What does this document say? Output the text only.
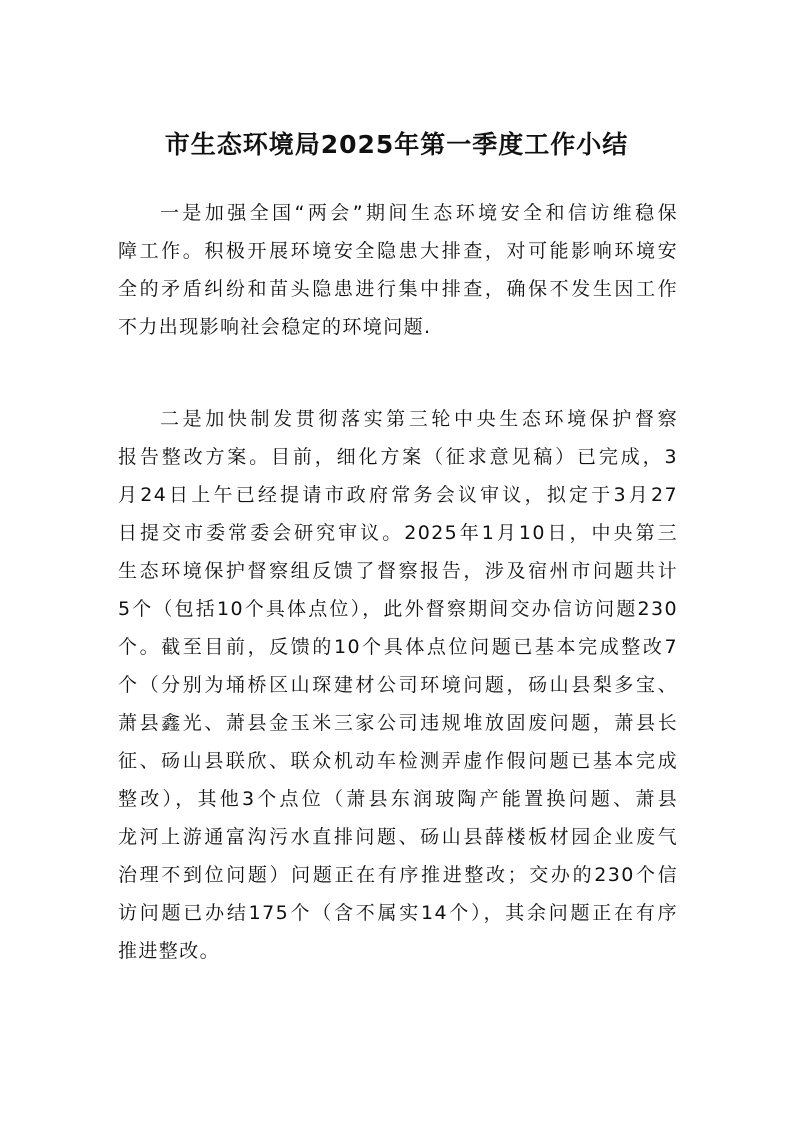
市生态环境局2025年第一季度工作小结
一是加强全国“两会”期间生态环境安全和信访维稳保
障工作。积极开展环境安全隐患大排查，对可能影响环境安
全的矛盾纠纷和苗头隐患进行集中排查，确保不发生因工作
不力出现影响社会稳定的环境问题.
二是加快制发贯彻落实第三轮中央生态环境保护督察
报告整改方案。目前，细化方案（征求意见稿）已完成，3
月24日上午已经提请市政府常务会议审议，拟定于3月27
日提交市委常委会研究审议。2025年1月10日，中央第三
生态环境保护督察组反馈了督察报告，涉及宿州市问题共计
5个（包括10个具体点位），此外督察期间交办信访问题230
个。截至目前，反馈的10个具体点位问题已基本完成整改7
个（分别为埇桥区山琛建材公司环境问题，砀山县梨多宝、
萧县鑫光、萧县金玉米三家公司违规堆放固废问题，萧县长
征、砀山县联欣、联众机动车检测弄虚作假问题已基本完成
整改），其他3个点位（萧县东润玻陶产能置换问题、萧县
龙河上游通富沟污水直排问题、砀山县薛楼板材园企业废气
治理不到位问题）问题正在有序推进整改；交办的230个信
访问题已办结175个（含不属实14个），其余问题正在有序
推进整改。
